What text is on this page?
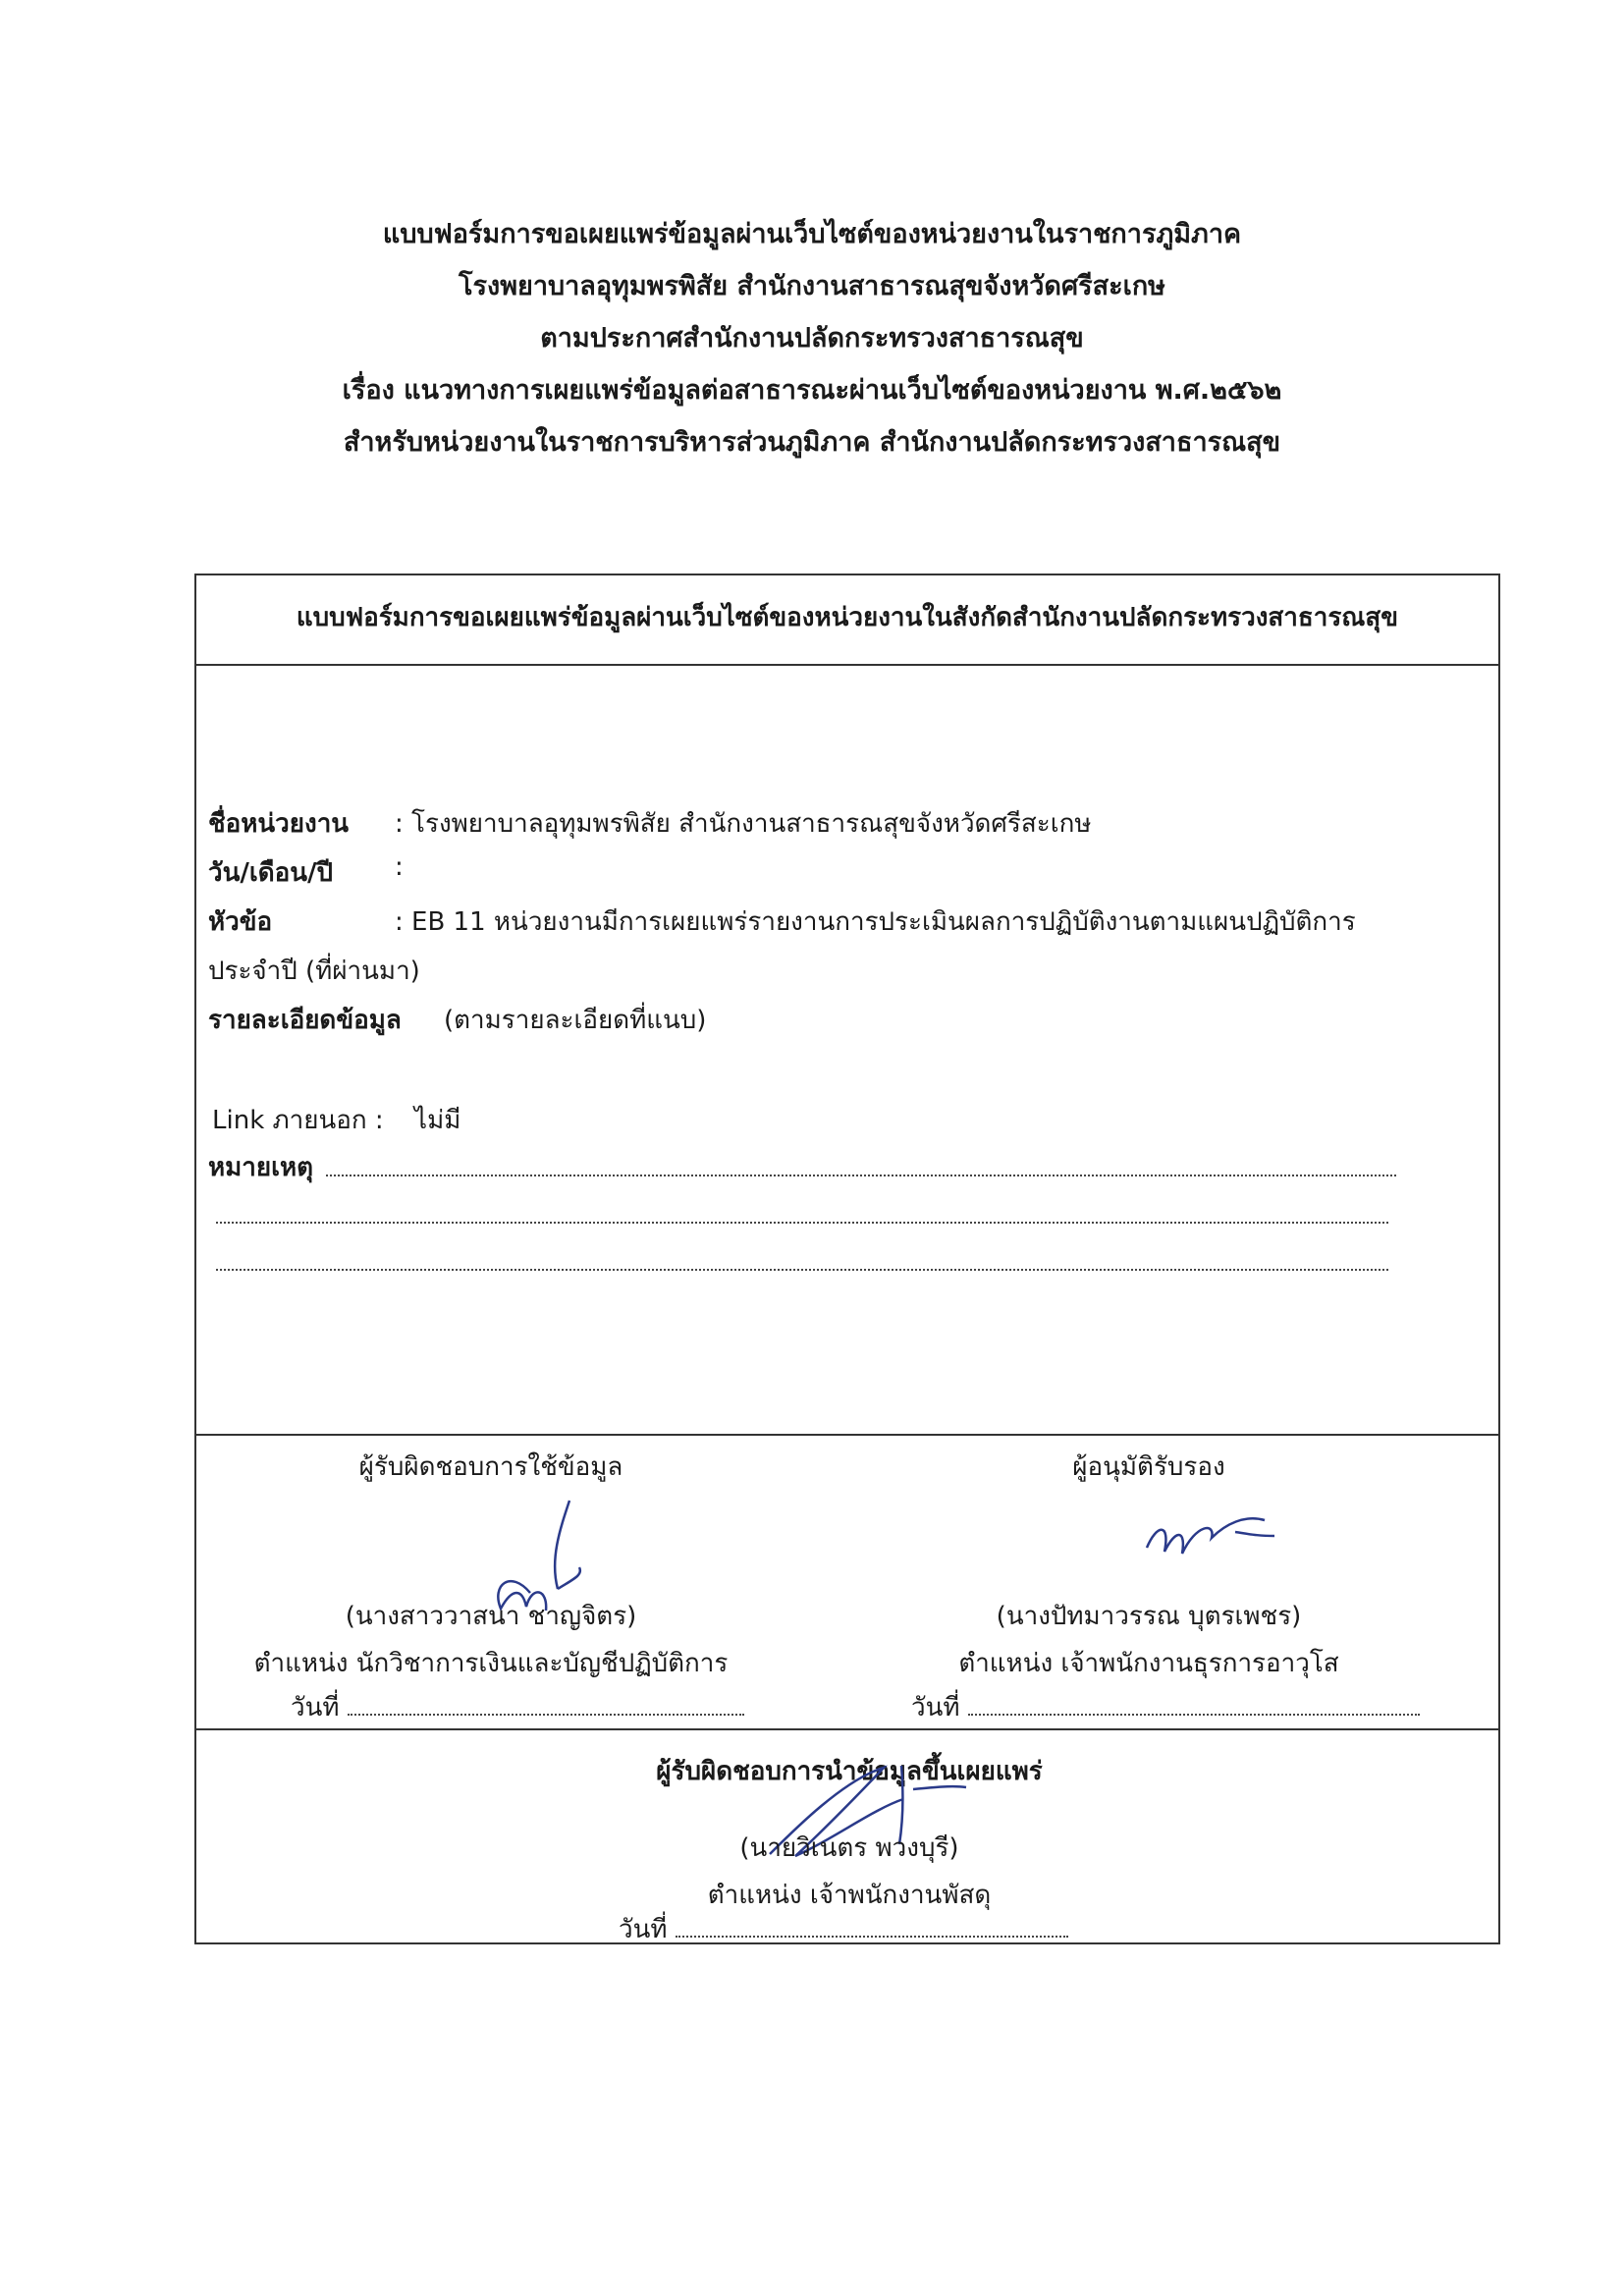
แบบฟอร์มการขอเผยแพร่ข้อมูลผ่านเว็บไซต์ของหน่วยงานในราชการภูมิภาค
โรงพยาบาลอุทุมพรพิสัย สำนักงานสาธารณสุขจังหวัดศรีสะเกษ
ตามประกาศสำนักงานปลัดกระทรวงสาธารณสุข
เรื่อง แนวทางการเผยแพร่ข้อมูลต่อสาธารณะผ่านเว็บไซต์ของหน่วยงาน พ.ศ.๒๕๖๒
สำหรับหน่วยงานในราชการบริหารส่วนภูมิภาค สำนักงานปลัดกระทรวงสาธารณสุข
แบบฟอร์มการขอเผยแพร่ข้อมูลผ่านเว็บไซต์ของหน่วยงานในสังกัดสำนักงานปลัดกระทรวงสาธารณสุข
ชื่อหน่วยงาน : โรงพยาบาลอุทุมพรพิสัย สำนักงานสาธารณสุขจังหวัดศรีสะเกษ
วัน/เดือน/ปี :
หัวข้อ	: EB 11 หน่วยงานมีการเผยแพร่รายงานการประเมินผลการปฏิบัติงานตามแผนปฏิบัติการ
ประจำปี (ที่ผ่านมา)
รายละเอียดข้อมูล (ตามรายละเอียดที่แนบ)
Link ภายนอก : ไม่มี
หมายเหตุ
ผู้รับผิดชอบการใช้ข้อมูล
(นางสาววาสนา ชาญจิตร)
ตำแหน่ง นักวิชาการเงินและบัญชีปฏิบัติการ
วันที่
ผู้อนุมัติรับรอง
(นางปัทมาวรรณ บุตรเพชร)
ตำแหน่ง เจ้าพนักงานธุรการอาวุโส
วันที่
ผู้รับผิดชอบการนำข้อมูลขึ้นเผยแพร่
(นายวิเนตร พวงบุรี)
ตำแหน่ง เจ้าพนักงานพัสดุ
วันที่
